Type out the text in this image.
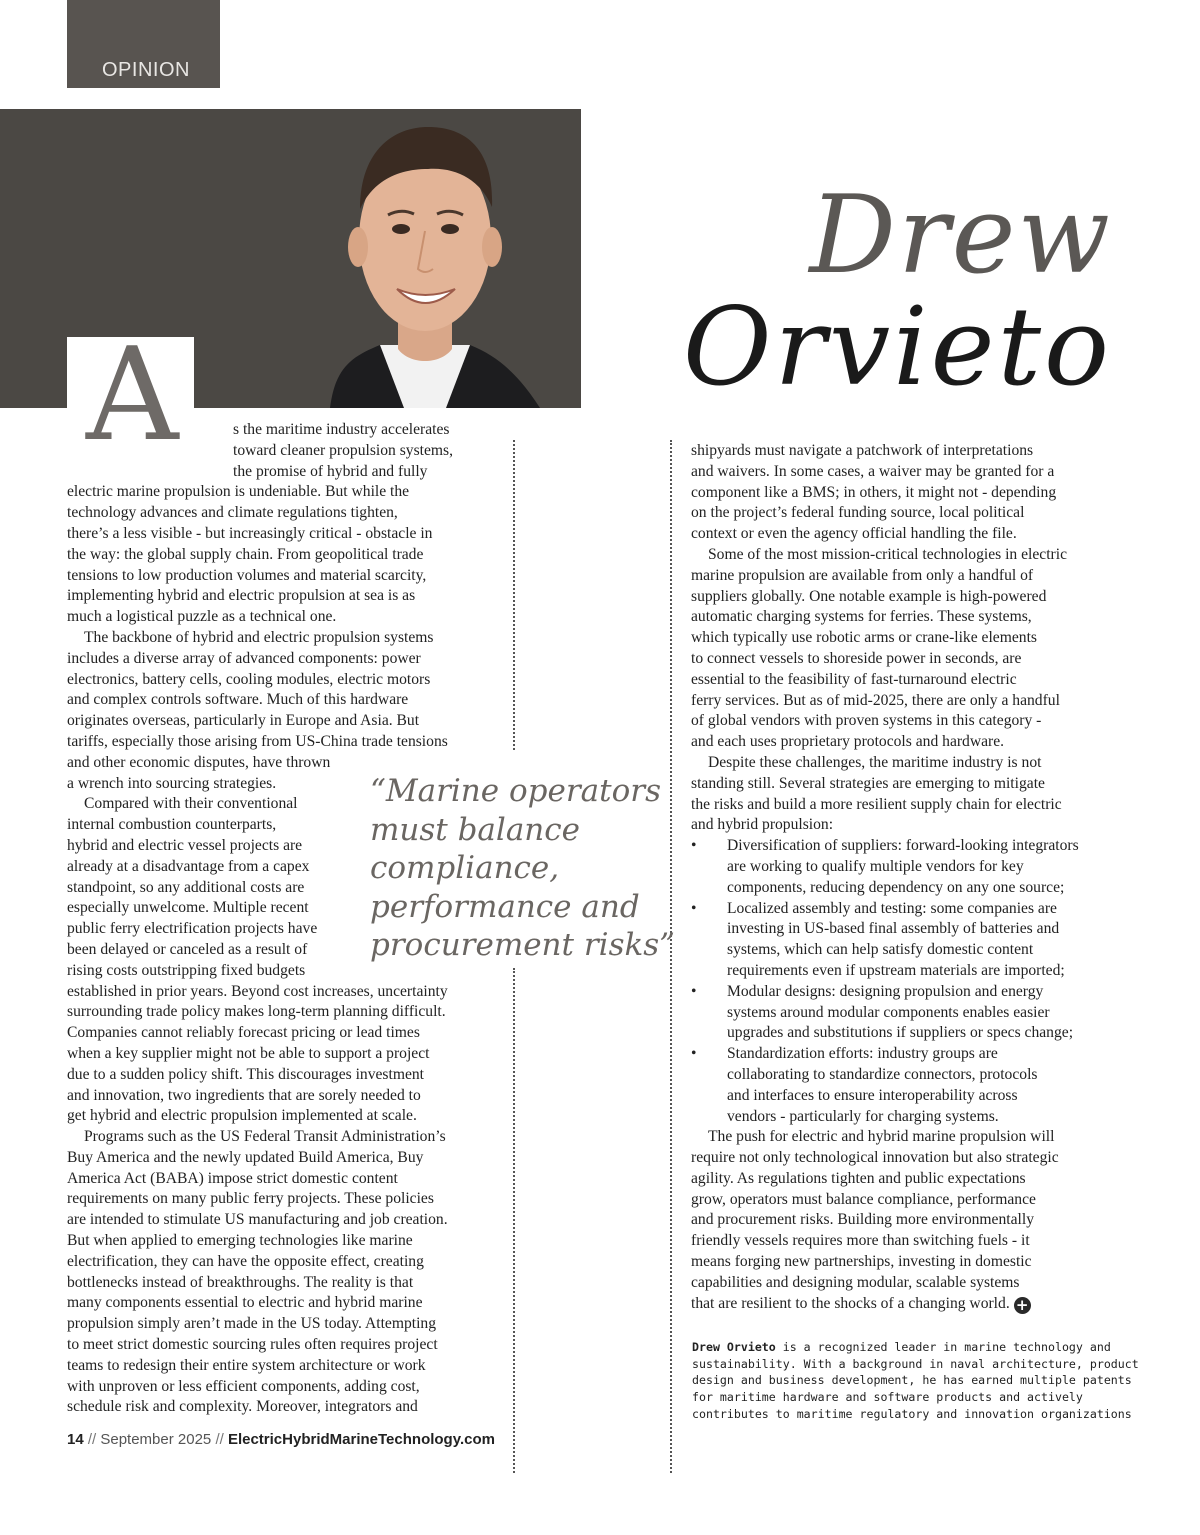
OPINION
Drew
Orvieto
A	s the maritime industry accelerates
toward cleaner propulsion systems,
the promise of hybrid and fully
electric marine propulsion is undeniable. But while the
technology advances and climate regulations tighten,
there’s a less visible - but increasingly critical - obstacle in
the way: the global supply chain. From geopolitical trade
tensions to low production volumes and material scarcity,
implementing hybrid and electric propulsion at sea is as
much a logistical puzzle as a technical one.

The backbone of hybrid and electric propulsion systems
includes a diverse array of advanced components: power
electronics, battery cells, cooling modules, electric motors
and complex controls software. Much of this hardware
originates overseas, particularly in Europe and Asia. But
tariffs, especially those arising from US-China trade tensions
and other economic disputes, have thrown
a wrench into sourcing strategies.

Compared with their conventional
internal combustion counterparts,
hybrid and electric vessel projects are
already at a disadvantage from a capex
standpoint, so any additional costs are
especially unwelcome. Multiple recent
public ferry electrification projects have
been delayed or canceled as a result of
rising costs outstripping fixed budgets
established in prior years. Beyond cost increases, uncertainty
surrounding trade policy makes long-term planning difficult.
Companies cannot reliably forecast pricing or lead times
when a key supplier might not be able to support a project
due to a sudden policy shift. This discourages investment
and innovation, two ingredients that are sorely needed to
get hybrid and electric propulsion implemented at scale.

Programs such as the US Federal Transit Administration’s
Buy America and the newly updated Build America, Buy
America Act (BABA) impose strict domestic content
requirements on many public ferry projects. These policies
are intended to stimulate US manufacturing and job creation.
But when applied to emerging technologies like marine
electrification, they can have the opposite effect, creating
bottlenecks instead of breakthroughs. The reality is that
many components essential to electric and hybrid marine
propulsion simply aren’t made in the US today. Attempting
to meet strict domestic sourcing rules often requires project
teams to redesign their entire system architecture or work
with unproven or less efficient components, adding cost,
schedule risk and complexity. Moreover, integrators and

“Marine operators
must balance
compliance,
performance and
procurement risks”

shipyards must navigate a patchwork of interpretations
and waivers. In some cases, a waiver may be granted for a
component like a BMS; in others, it might not - depending
on the project’s federal funding source, local political
context or even the agency official handling the file.

Some of the most mission-critical technologies in electric
marine propulsion are available from only a handful of
suppliers globally. One notable example is high-powered
automatic charging systems for ferries. These systems,
which typically use robotic arms or crane-like elements
to connect vessels to shoreside power in seconds, are
essential to the feasibility of fast-turnaround electric
ferry services. But as of mid-2025, there are only a handful
of global vendors with proven systems in this category -
and each uses proprietary protocols and hardware.

Despite these challenges, the maritime industry is not
standing still. Several strategies are emerging to mitigate
the risks and build a more resilient supply chain for electric
and hybrid propulsion:

• Diversification of suppliers: forward-looking integrators
are working to qualify multiple vendors for key
components, reducing dependency on any one source;
• Localized assembly and testing: some companies are
investing in US-based final assembly of batteries and
systems, which can help satisfy domestic content
requirements even if upstream materials are imported;
• Modular designs: designing propulsion and energy
systems around modular components enables easier
upgrades and substitutions if suppliers or specs change;
• Standardization efforts: industry groups are
collaborating to standardize connectors, protocols
and interfaces to ensure interoperability across
vendors - particularly for charging systems.

The push for electric and hybrid marine propulsion will
require not only technological innovation but also strategic
agility. As regulations tighten and public expectations
grow, operators must balance compliance, performance
and procurement risks. Building more environmentally
friendly vessels requires more than switching fuels - it
means forging new partnerships, investing in domestic
capabilities and designing modular, scalable systems
that are resilient to the shocks of a changing world. +

Drew Orvieto is a recognized leader in marine technology and
sustainability. With a background in naval architecture, product
design and business development, he has earned multiple patents
for maritime hardware and software products and actively
contributes to maritime regulatory and innovation organizations
14 // September 2025 // ElectricHybridMarineTechnology.com
